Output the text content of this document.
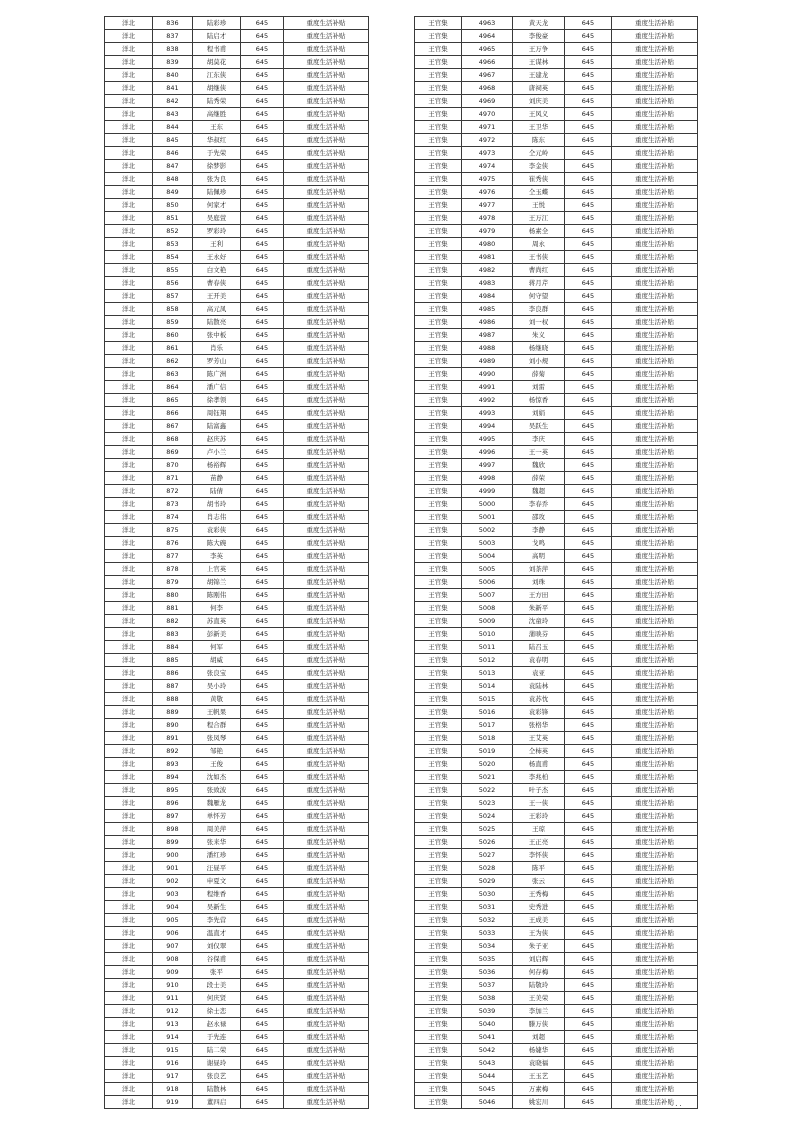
洋北	836	陆彩珍	645	重度生活补贴
洋北	837	陆启才	645	重度生活补贴
洋北	838	程书甫	645	重度生活补贴
洋北	839	胡莫花	645	重度生活补贴
洋北	840	江东侠	645	重度生活补贴
洋北	841	胡继侠	645	重度生活补贴
洋北	842	陆秀荣	645	重度生活补贴
洋北	843	高继胜	645	重度生活补贴
洋北	844	王东	645	重度生活补贴
洋北	845	华叔红	645	重度生活补贴
洋北	846	于先荣	645	重度生活补贴
洋北	847	徐梦影	645	重度生活补贴
洋北	848	张为良	645	重度生活补贴
洋北	849	陆佩珍	645	重度生活补贴
洋北	850	何家才	645	重度生活补贴
洋北	851	吴庭萱	645	重度生活补贴
洋北	852	罗彩玲	645	重度生活补贴
洋北	853	王利	645	重度生活补贴
洋北	854	王永好	645	重度生活补贴
洋北	855	白文艳	645	重度生活补贴
洋北	856	曹春侠	645	重度生活补贴
洋北	857	王开美	645	重度生活补贴
洋北	858	高元凤	645	重度生活补贴
洋北	859	陆散亮	645	重度生活补贴
洋北	860	张中板	645	重度生活补贴
洋北	861	肖乐	645	重度生活补贴
洋北	862	罗芳山	645	重度生活补贴
洋北	863	陈广洲	645	重度生活补贴
洋北	864	潘广信	645	重度生活补贴
洋北	865	徐孝领	645	重度生活补贴
洋北	866	周钰翔	645	重度生活补贴
洋北	867	陆富鑫	645	重度生活补贴
洋北	868	赵庆苏	645	重度生活补贴
洋北	869	卢小兰	645	重度生活补贴
洋北	870	杨裕辉	645	重度生活补贴
洋北	871	苗静	645	重度生活补贴
洋北	872	陆倩	645	重度生活补贴
洋北	873	胡书玲	645	重度生活补贴
洋北	874	肖志伟	645	重度生活补贴
洋北	875	袁彩侠	645	重度生活补贴
洋北	876	陈大碗	645	重度生活补贴
洋北	877	李英	645	重度生活补贴
洋北	878	上官英	645	重度生活补贴
洋北	879	胡锦兰	645	重度生活补贴
洋北	880	陈刚伟	645	重度生活补贴
洋北	881	何李	645	重度生活补贴
洋北	882	苏直英	645	重度生活补贴
洋北	883	彭新美	645	重度生活补贴
洋北	884	何军	645	重度生活补贴
洋北	885	胡威	645	重度生活补贴
洋北	886	张良宝	645	重度生活补贴
洋北	887	吴小玲	645	重度生活补贴
洋北	888	黄敬	645	重度生活补贴
洋北	889	王帆果	645	重度生活补贴
洋北	890	程合群	645	重度生活补贴
洋北	891	张凤琴	645	重度生活补贴
洋北	892	邹艳	645	重度生活补贴
洋北	893	王俊	645	重度生活补贴
洋北	894	沈如杰	645	重度生活补贴
洋北	895	张致波	645	重度生活补贴
洋北	896	魏雁龙	645	重度生活补贴
洋北	897	单怀芳	645	重度生活补贴
洋北	898	周美萍	645	重度生活补贴
洋北	899	张来华	645	重度生活补贴
洋北	900	潘红珍	645	重度生活补贴
洋北	901	汪昼平	645	重度生活补贴
洋北	902	申夏文	645	重度生活补贴
洋北	903	程维香	645	重度生活补贴
洋北	904	吴新生	645	重度生活补贴
洋北	905	李先营	645	重度生活补贴
洋北	906	温直才	645	重度生活补贴
洋北	907	刘仅翠	645	重度生活补贴
洋北	908	谷保甫	645	重度生活补贴
洋北	909	张平	645	重度生活补贴
洋北	910	段士美	645	重度生活补贴
洋北	911	何庆贤	645	重度生活补贴
洋北	912	徐士恋	645	重度生活补贴
洋北	913	赵永禄	645	重度生活补贴
洋北	914	于先连	645	重度生活补贴
洋北	915	陆二荣	645	重度生活补贴
洋北	916	谢昼玲	645	重度生活补贴
洋北	917	张良艺	645	重度生活补贴
洋北	918	陆散林	645	重度生活补贴
洋北	919	董四启	645	重度生活补贴
王官集	4963	黄天龙	645	重度生活补贴
王官集	4964	李俊豪	645	重度生活补贴
王官集	4965	王万争	645	重度生活补贴
王官集	4966	王谋林	645	重度生活补贴
王官集	4967	王建龙	645	重度生活补贴
王官集	4968	唐祠英	645	重度生活补贴
王官集	4969	刘庆美	645	重度生活补贴
王官集	4970	王风义	645	重度生活补贴
王官集	4971	王卫华	645	重度生活补贴
王官集	4972	陈东	645	重度生活补贴
王官集	4973	仝元岭	645	重度生活补贴
王官集	4974	李金侠	645	重度生活补贴
王官集	4975	崔秀侠	645	重度生活补贴
王官集	4976	仝玉蝶	645	重度生活补贴
王官集	4977	王悦	645	重度生活补贴
王官集	4978	王万江	645	重度生活补贴
王官集	4979	杨素全	645	重度生活补贴
王官集	4980	周永	645	重度生活补贴
王官集	4981	王书侠	645	重度生活补贴
王官集	4982	曹尚红	645	重度生活补贴
王官集	4983	蒋月芹	645	重度生活补贴
王官集	4984	何守望	645	重度生活补贴
王官集	4985	李良群	645	重度生活补贴
王官集	4986	刘一权	645	重度生活补贴
王官集	4987	朱义	645	重度生活补贴
王官集	4988	杨继晓	645	重度生活补贴
王官集	4989	刘小规	645	重度生活补贴
王官集	4990	薛菊	645	重度生活补贴
王官集	4991	刘雷	645	重度生活补贴
王官集	4992	杨惊香	645	重度生活补贴
王官集	4993	刘娟	645	重度生活补贴
王官集	4994	吴跃生	645	重度生活补贴
王官集	4995	李庆	645	重度生活补贴
王官集	4996	王一英	645	重度生活补贴
王官集	4997	魏欣	645	重度生活补贴
王官集	4998	薛荣	645	重度生活补贴
王官集	4999	魏超	645	重度生活补贴
王官集	5000	李春乔	645	重度生活补贴
王官集	5001	邵攻	645	重度生活补贴
王官集	5002	李静	645	重度生活补贴
王官集	5003	戈鸣	645	重度生活补贴
王官集	5004	高明	645	重度生活补贴
王官集	5005	刘茶萍	645	重度生活补贴
王官集	5006	刘珠	645	重度生活补贴
王官集	5007	王方田	645	重度生活补贴
王官集	5008	朱新平	645	重度生活补贴
王官集	5009	沈童玲	645	重度生活补贴
王官集	5010	蒲映芬	645	重度生活补贴
王官集	5011	陆召玉	645	重度生活补贴
王官集	5012	袁春明	645	重度生活补贴
王官集	5013	袁亚	645	重度生活补贴
王官集	5014	袁陆林	645	重度生活补贴
王官集	5015	袁苏忱	645	重度生活补贴
王官集	5016	袁彩锋	645	重度生活补贴
王官集	5017	张格华	645	重度生活补贴
王官集	5018	王艾英	645	重度生活补贴
王官集	5019	仝柿英	645	重度生活补贴
王官集	5020	杨直甫	645	重度生活补贴
王官集	5021	李兆柏	645	重度生活补贴
王官集	5022	叶子杰	645	重度生活补贴
王官集	5023	王一侠	645	重度生活补贴
王官集	5024	王彩玲	645	重度生活补贴
王官集	5025	王琼	645	重度生活补贴
王官集	5026	王正亮	645	重度生活补贴
王官集	5027	李怀侠	645	重度生活补贴
王官集	5028	陈平	645	重度生活补贴
王官集	5029	张云	645	重度生活补贴
王官集	5030	王秀梅	645	重度生活补贴
王官集	5031	史秀进	645	重度生活补贴
王官集	5032	王成美	645	重度生活补贴
王官集	5033	王为侠	645	重度生活补贴
王官集	5034	朱子亚	645	重度生活补贴
王官集	5035	刘启辉	645	重度生活补贴
王官集	5036	何存梅	645	重度生活补贴
王官集	5037	陆敬玲	645	重度生活补贴
王官集	5038	王美荣	645	重度生活补贴
王官集	5039	李加兰	645	重度生活补贴
王官集	5040	滕万侠	645	重度生活补贴
王官集	5041	刘超	645	重度生活补贴
王官集	5042	杨婕华	645	重度生活补贴
王官集	5043	袁晓福	645	重度生活补贴
王官集	5044	王玉艺	645	重度生活补贴
王官集	5045	万素梅	645	重度生活补贴
王官集	5046	姚宏川	645	重度生活补贴
...
